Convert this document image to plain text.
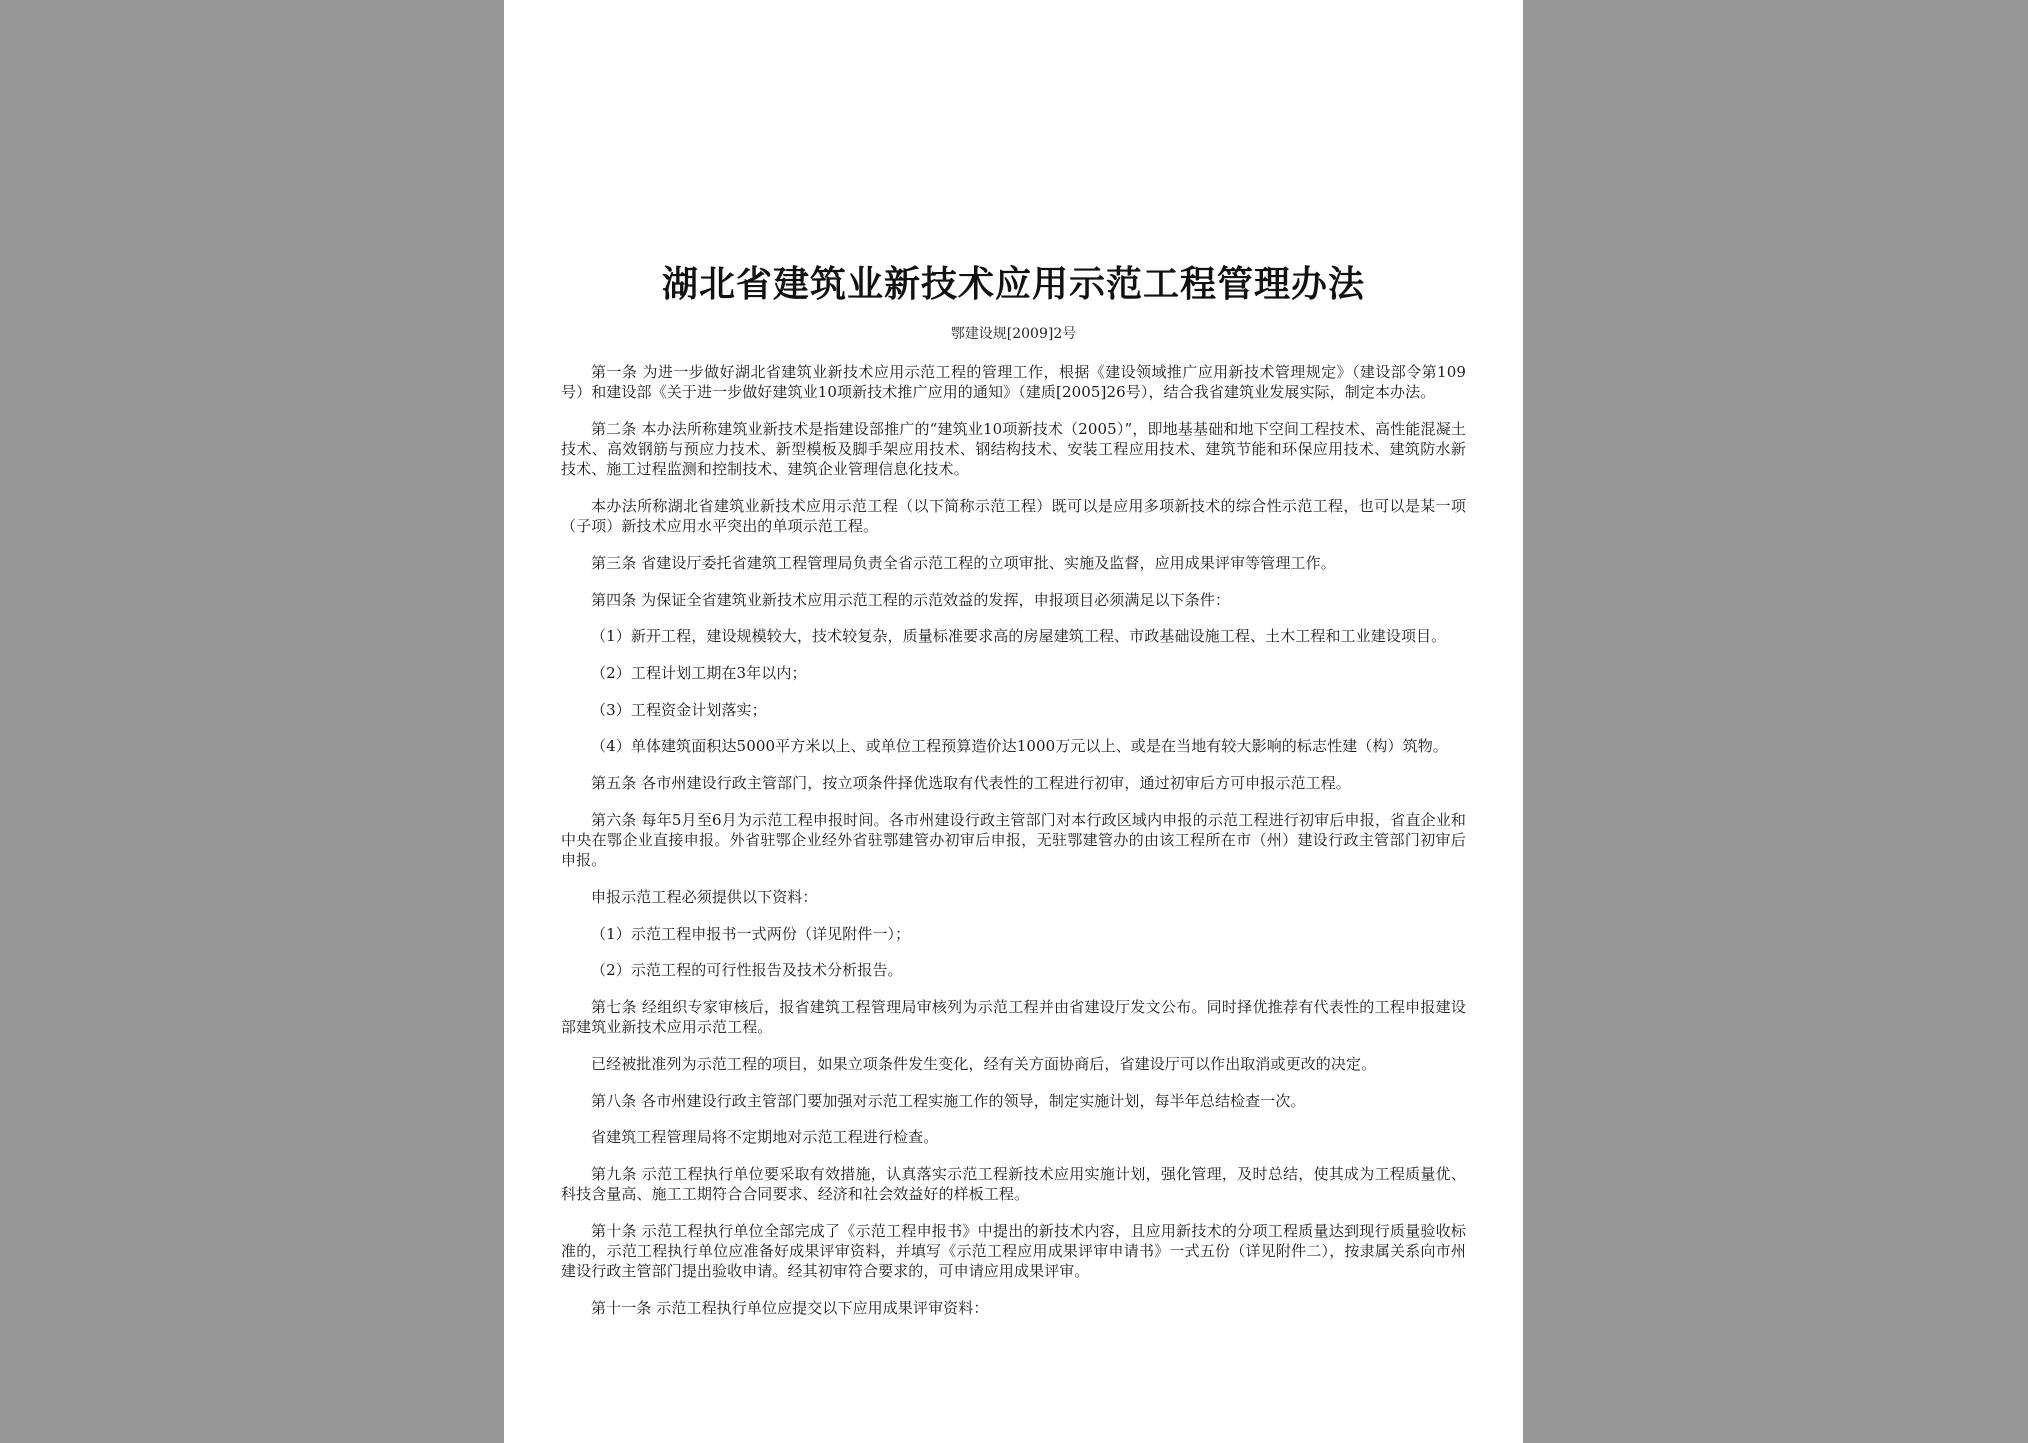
湖北省建筑业新技术应用示范工程管理办法
鄂建设规[2009]2号

第一条 为进一步做好湖北省建筑业新技术应用示范工程的管理工作，根据《建设领域推广应用新技术管理规定》（建设部令第109号）和建设部《关于进一步做好建筑业10项新技术推广应用的通知》（建质[2005]26号），结合我省建筑业发展实际，制定本办法。

第二条 本办法所称建筑业新技术是指建设部推广的“建筑业10项新技术（2005）”，即地基基础和地下空间工程技术、高性能混凝土技术、高效钢筋与预应力技术、新型模板及脚手架应用技术、钢结构技术、安装工程应用技术、建筑节能和环保应用技术、建筑防水新技术、施工过程监测和控制技术、建筑企业管理信息化技术。

本办法所称湖北省建筑业新技术应用示范工程（以下简称示范工程）既可以是应用多项新技术的综合性示范工程，也可以是某一项（子项）新技术应用水平突出的单项示范工程。

第三条 省建设厅委托省建筑工程管理局负责全省示范工程的立项审批、实施及监督，应用成果评审等管理工作。

第四条 为保证全省建筑业新技术应用示范工程的示范效益的发挥，申报项目必须满足以下条件：

（1）新开工程，建设规模较大，技术较复杂，质量标准要求高的房屋建筑工程、市政基础设施工程、土木工程和工业建设项目。

（2）工程计划工期在3年以内；

（3）工程资金计划落实；

（4）单体建筑面积达5000平方米以上、或单位工程预算造价达1000万元以上、或是在当地有较大影响的标志性建（构）筑物。

第五条 各市州建设行政主管部门，按立项条件择优选取有代表性的工程进行初审，通过初审后方可申报示范工程。

第六条 每年5月至6月为示范工程申报时间。各市州建设行政主管部门对本行政区域内申报的示范工程进行初审后申报，省直企业和中央在鄂企业直接申报。外省驻鄂企业经外省驻鄂建管办初审后申报，无驻鄂建管办的由该工程所在市（州）建设行政主管部门初审后申报。

申报示范工程必须提供以下资料：

（1）示范工程申报书一式两份（详见附件一）；

（2）示范工程的可行性报告及技术分析报告。

第七条 经组织专家审核后，报省建筑工程管理局审核列为示范工程并由省建设厅发文公布。同时择优推荐有代表性的工程申报建设部建筑业新技术应用示范工程。

已经被批准列为示范工程的项目，如果立项条件发生变化，经有关方面协商后，省建设厅可以作出取消或更改的决定。

第八条 各市州建设行政主管部门要加强对示范工程实施工作的领导，制定实施计划，每半年总结检查一次。

省建筑工程管理局将不定期地对示范工程进行检查。

第九条 示范工程执行单位要采取有效措施，认真落实示范工程新技术应用实施计划，强化管理，及时总结，使其成为工程质量优、科技含量高、施工工期符合合同要求、经济和社会效益好的样板工程。

第十条 示范工程执行单位全部完成了《示范工程申报书》中提出的新技术内容，且应用新技术的分项工程质量达到现行质量验收标准的，示范工程执行单位应准备好成果评审资料，并填写《示范工程应用成果评审申请书》一式五份（详见附件二），按隶属关系向市州建设行政主管部门提出验收申请。经其初审符合要求的，可申请应用成果评审。

第十一条 示范工程执行单位应提交以下应用成果评审资料：
